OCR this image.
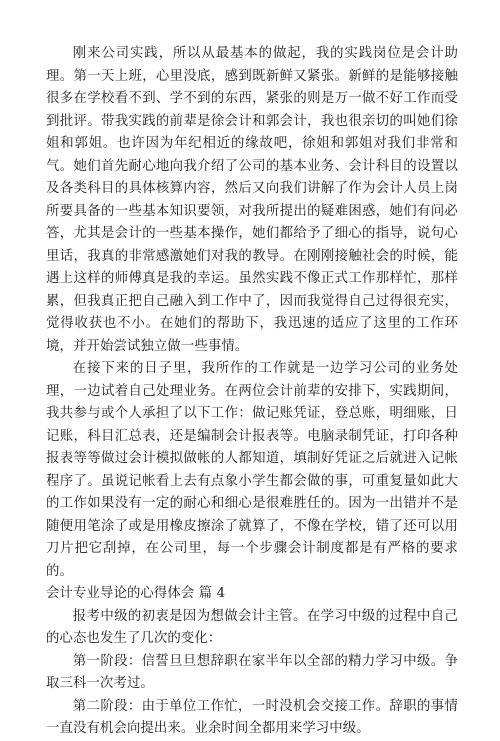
刚来公司实践，所以从最基本的做起，我的实践岗位是会计助理。第一天上班，心里没底，感到既新鲜又紧张。新鲜的是能够接触很多在学校看不到、学不到的东西，紧张的则是万一做不好工作而受到批评。带我实践的前辈是徐会计和郭会计，我也很亲切的叫她们徐姐和郭姐。也许因为年纪相近的缘故吧，徐姐和郭姐对我们非常和气。她们首先耐心地向我介绍了公司的基本业务、会计科目的设置以及各类科目的具体核算内容，然后又向我们讲解了作为会计人员上岗所要具备的一些基本知识要领，对我所提出的疑难困惑，她们有问必答，尤其是会计的一些基本操作，她们都给予了细心的指导，说句心里话，我真的非常感激她们对我的教导。在刚刚接触社会的时候，能遇上这样的师傅真是我的幸运。虽然实践不像正式工作那样忙，那样累，但我真正把自己融入到工作中了，因而我觉得自己过得很充实，觉得收获也不小。在她们的帮助下，我迅速的适应了这里的工作环境，并开始尝试独立做一些事情。

在接下来的日子里，我所作的工作就是一边学习公司的业务处理，一边试着自己处理业务。在两位会计前辈的安排下，实践期间，我共参与或个人承担了以下工作：做记账凭证，登总账，明细账，日记账，科目汇总表，还是编制会计报表等。电脑录制凭证，打印各种报表等等做过会计模拟做帐的人都知道，填制好凭证之后就进入记帐程序了。虽说记帐看上去有点象小学生都会做的事，可重复量如此大的工作如果没有一定的耐心和细心是很难胜任的。因为一出错并不是随便用笔涂了或是用橡皮擦涂了就算了，不像在学校，错了还可以用刀片把它刮掉，在公司里，每一个步骤会计制度都是有严格的要求的。

会计专业导论的心得体会 篇 4

报考中级的初衷是因为想做会计主管。在学习中级的过程中自己的心态也发生了几次的变化：

第一阶段：信誓旦旦想辞职在家半年以全部的精力学习中级。争取三科一次考过。

第二阶段：由于单位工作忙，一时没机会交接工作。辞职的事情一直没有机会向提出来。业余时间全都用来学习中级。
